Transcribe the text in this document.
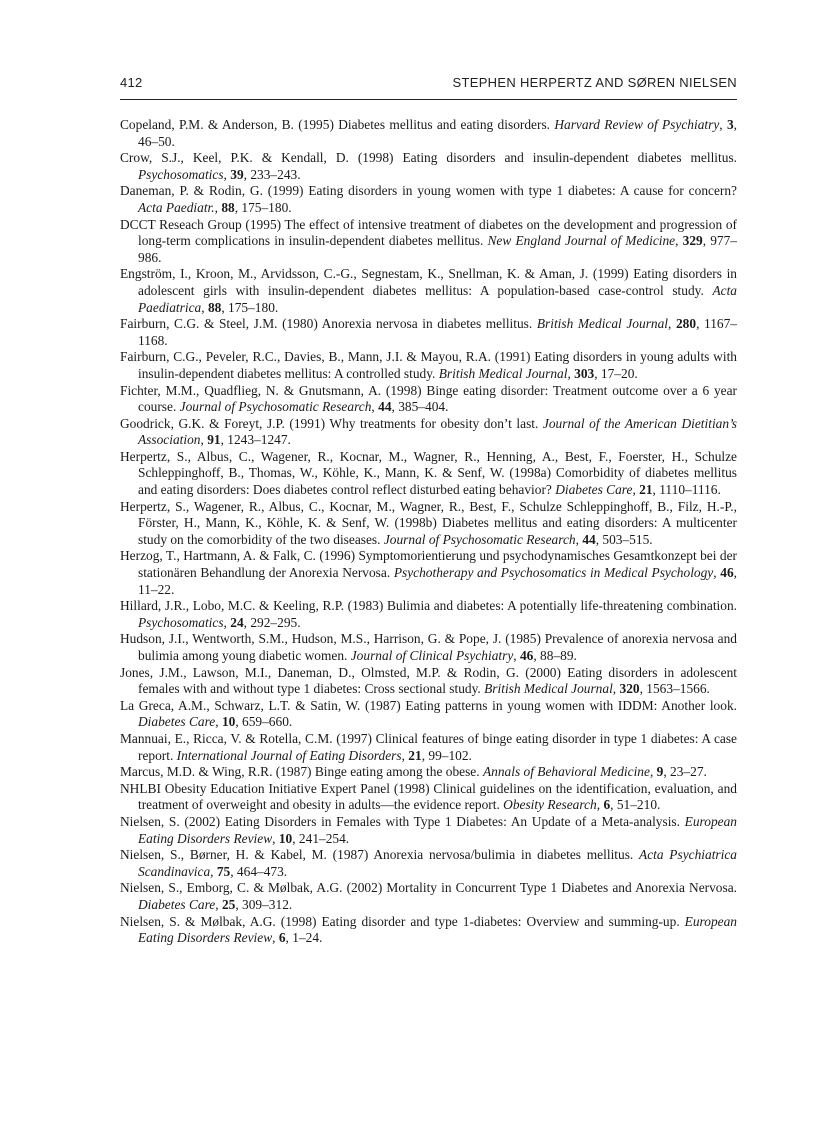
412	STEPHEN HERPERTZ AND SØREN NIELSEN
Copeland, P.M. & Anderson, B. (1995) Diabetes mellitus and eating disorders. Harvard Review of Psychiatry, 3, 46–50.
Crow, S.J., Keel, P.K. & Kendall, D. (1998) Eating disorders and insulin-dependent diabetes mellitus. Psychosomatics, 39, 233–243.
Daneman, P. & Rodin, G. (1999) Eating disorders in young women with type 1 diabetes: A cause for concern? Acta Paediatr., 88, 175–180.
DCCT Reseach Group (1995) The effect of intensive treatment of diabetes on the development and progression of long-term complications in insulin-dependent diabetes mellitus. New England Journal of Medicine, 329, 977–986.
Engström, I., Kroon, M., Arvidsson, C.-G., Segnestam, K., Snellman, K. & Aman, J. (1999) Eating disorders in adolescent girls with insulin-dependent diabetes mellitus: A population-based case-control study. Acta Paediatrica, 88, 175–180.
Fairburn, C.G. & Steel, J.M. (1980) Anorexia nervosa in diabetes mellitus. British Medical Journal, 280, 1167–1168.
Fairburn, C.G., Peveler, R.C., Davies, B., Mann, J.I. & Mayou, R.A. (1991) Eating disorders in young adults with insulin-dependent diabetes mellitus: A controlled study. British Medical Journal, 303, 17–20.
Fichter, M.M., Quadflieg, N. & Gnutsmann, A. (1998) Binge eating disorder: Treatment outcome over a 6 year course. Journal of Psychosomatic Research, 44, 385–404.
Goodrick, G.K. & Foreyt, J.P. (1991) Why treatments for obesity don’t last. Journal of the American Dietitian’s Association, 91, 1243–1247.
Herpertz, S., Albus, C., Wagener, R., Kocnar, M., Wagner, R., Henning, A., Best, F., Foerster, H., Schulze Schleppinghoff, B., Thomas, W., Köhle, K., Mann, K. & Senf, W. (1998a) Comorbidity of diabetes mellitus and eating disorders: Does diabetes control reflect disturbed eating behavior? Diabetes Care, 21, 1110–1116.
Herpertz, S., Wagener, R., Albus, C., Kocnar, M., Wagner, R., Best, F., Schulze Schleppinghoff, B., Filz, H.-P., Förster, H., Mann, K., Köhle, K. & Senf, W. (1998b) Diabetes mellitus and eating disorders: A multicenter study on the comorbidity of the two diseases. Journal of Psychosomatic Research, 44, 503–515.
Herzog, T., Hartmann, A. & Falk, C. (1996) Symptomorientierung und psychodynamisches Gesamtkonzept bei der stationären Behandlung der Anorexia Nervosa. Psychotherapy and Psychosomatics in Medical Psychology, 46, 11–22.
Hillard, J.R., Lobo, M.C. & Keeling, R.P. (1983) Bulimia and diabetes: A potentially life-threatening combination. Psychosomatics, 24, 292–295.
Hudson, J.I., Wentworth, S.M., Hudson, M.S., Harrison, G. & Pope, J. (1985) Prevalence of anorexia nervosa and bulimia among young diabetic women. Journal of Clinical Psychiatry, 46, 88–89.
Jones, J.M., Lawson, M.I., Daneman, D., Olmsted, M.P. & Rodin, G. (2000) Eating disorders in adolescent females with and without type 1 diabetes: Cross sectional study. British Medical Journal, 320, 1563–1566.
La Greca, A.M., Schwarz, L.T. & Satin, W. (1987) Eating patterns in young women with IDDM: Another look. Diabetes Care, 10, 659–660.
Mannuai, E., Ricca, V. & Rotella, C.M. (1997) Clinical features of binge eating disorder in type 1 diabetes: A case report. International Journal of Eating Disorders, 21, 99–102.
Marcus, M.D. & Wing, R.R. (1987) Binge eating among the obese. Annals of Behavioral Medicine, 9, 23–27.
NHLBI Obesity Education Initiative Expert Panel (1998) Clinical guidelines on the identification, evaluation, and treatment of overweight and obesity in adults—the evidence report. Obesity Research, 6, 51–210.
Nielsen, S. (2002) Eating Disorders in Females with Type 1 Diabetes: An Update of a Meta-analysis. European Eating Disorders Review, 10, 241–254.
Nielsen, S., Børner, H. & Kabel, M. (1987) Anorexia nervosa/bulimia in diabetes mellitus. Acta Psychiatrica Scandinavica, 75, 464–473.
Nielsen, S., Emborg, C. & Mølbak, A.G. (2002) Mortality in Concurrent Type 1 Diabetes and Anorexia Nervosa. Diabetes Care, 25, 309–312.
Nielsen, S. & Mølbak, A.G. (1998) Eating disorder and type 1-diabetes: Overview and summing-up. European Eating Disorders Review, 6, 1–24.
